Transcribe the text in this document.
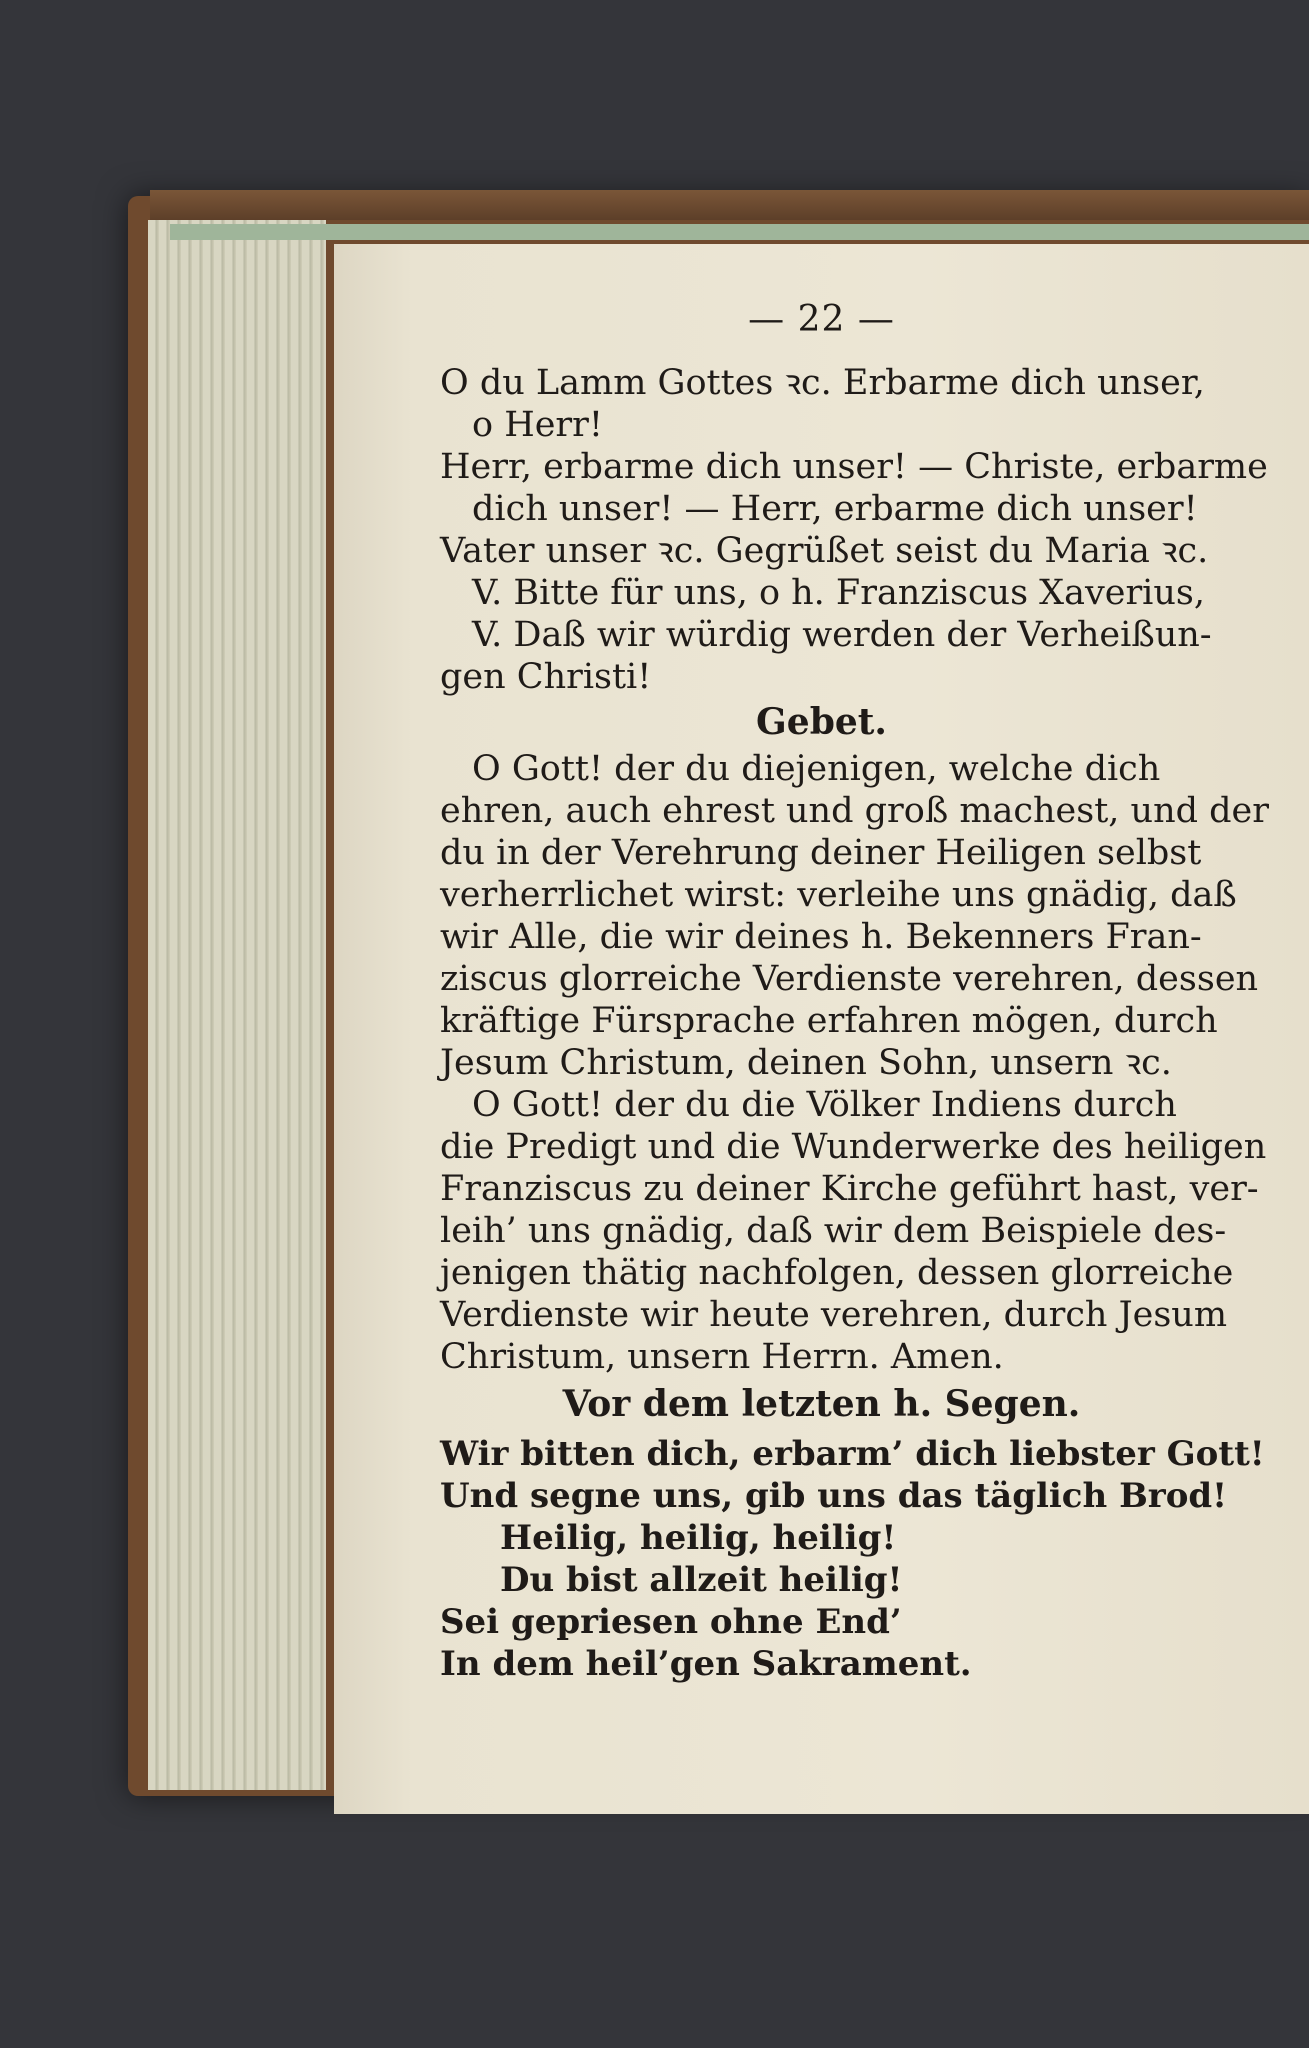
— 22 —
O du Lamm Gottes ꝛc. Erbarme dich unser,
o Herr!
Herr, erbarme dich unser! — Christe, erbarme
dich unser! — Herr, erbarme dich unser!
Vater unser ꝛc. Gegrüßet seist du Maria ꝛc.
V. Bitte für uns, o h. Franziscus Xaverius,
V. Daß wir würdig werden der Verheißun-
gen Christi!
Gebet.
O Gott! der du diejenigen, welche dich
ehren, auch ehrest und groß machest, und der
du in der Verehrung deiner Heiligen selbst
verherrlichet wirst: verleihe uns gnädig, daß
wir Alle, die wir deines h. Bekenners Fran-
ziscus glorreiche Verdienste verehren, dessen
kräftige Fürsprache erfahren mögen, durch
Jesum Christum, deinen Sohn, unsern ꝛc.
O Gott! der du die Völker Indiens durch
die Predigt und die Wunderwerke des heiligen
Franziscus zu deiner Kirche geführt hast, ver-
leih’ uns gnädig, daß wir dem Beispiele des-
jenigen thätig nachfolgen, dessen glorreiche
Verdienste wir heute verehren, durch Jesum
Christum, unsern Herrn. Amen.
Vor dem letzten h. Segen.
Wir bitten dich, erbarm’ dich liebster Gott!
Und segne uns, gib uns das täglich Brod!
Heilig, heilig, heilig!
Du bist allzeit heilig!
Sei gepriesen ohne End’
In dem heil’gen Sakrament.
